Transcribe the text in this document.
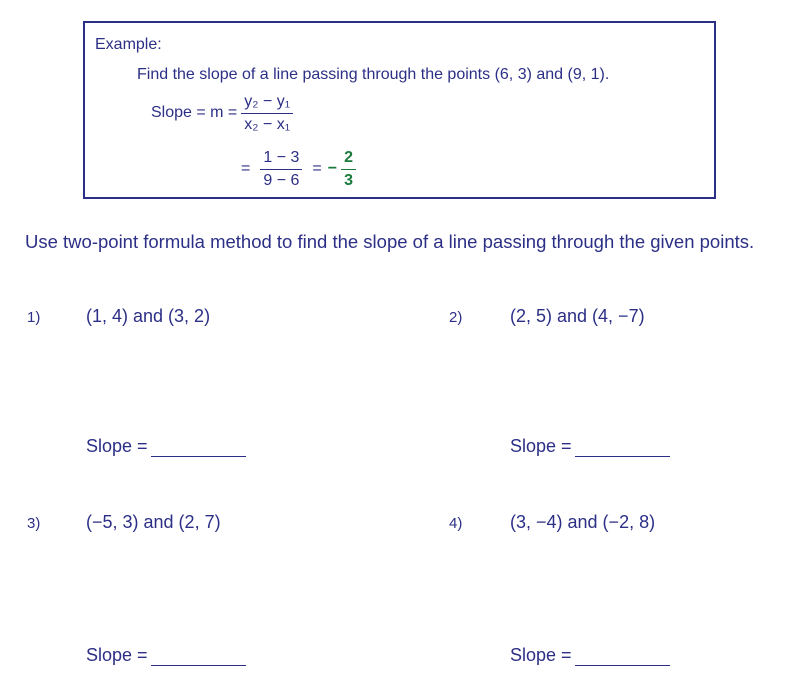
Example:
Find the slope of a line passing through the points (6, 3) and (9, 1).
Slope = $m = \frac{\text{y₂ − y₁}}{\text{x₂ − x₁}}$
= $\frac{1 - 3}{9 - 6}$ = − $\frac{2}{3}$
Use two-point formula method to find the slope of a line passing through the given points.
1)	(1, 4) and (3, 2)
Slope =
2)	(2, 5) and (4, −7)
Slope =
3)	(−5, 3) and (2, 7)
Slope =
4)	(3, −4) and (−2, 8)
Slope =
